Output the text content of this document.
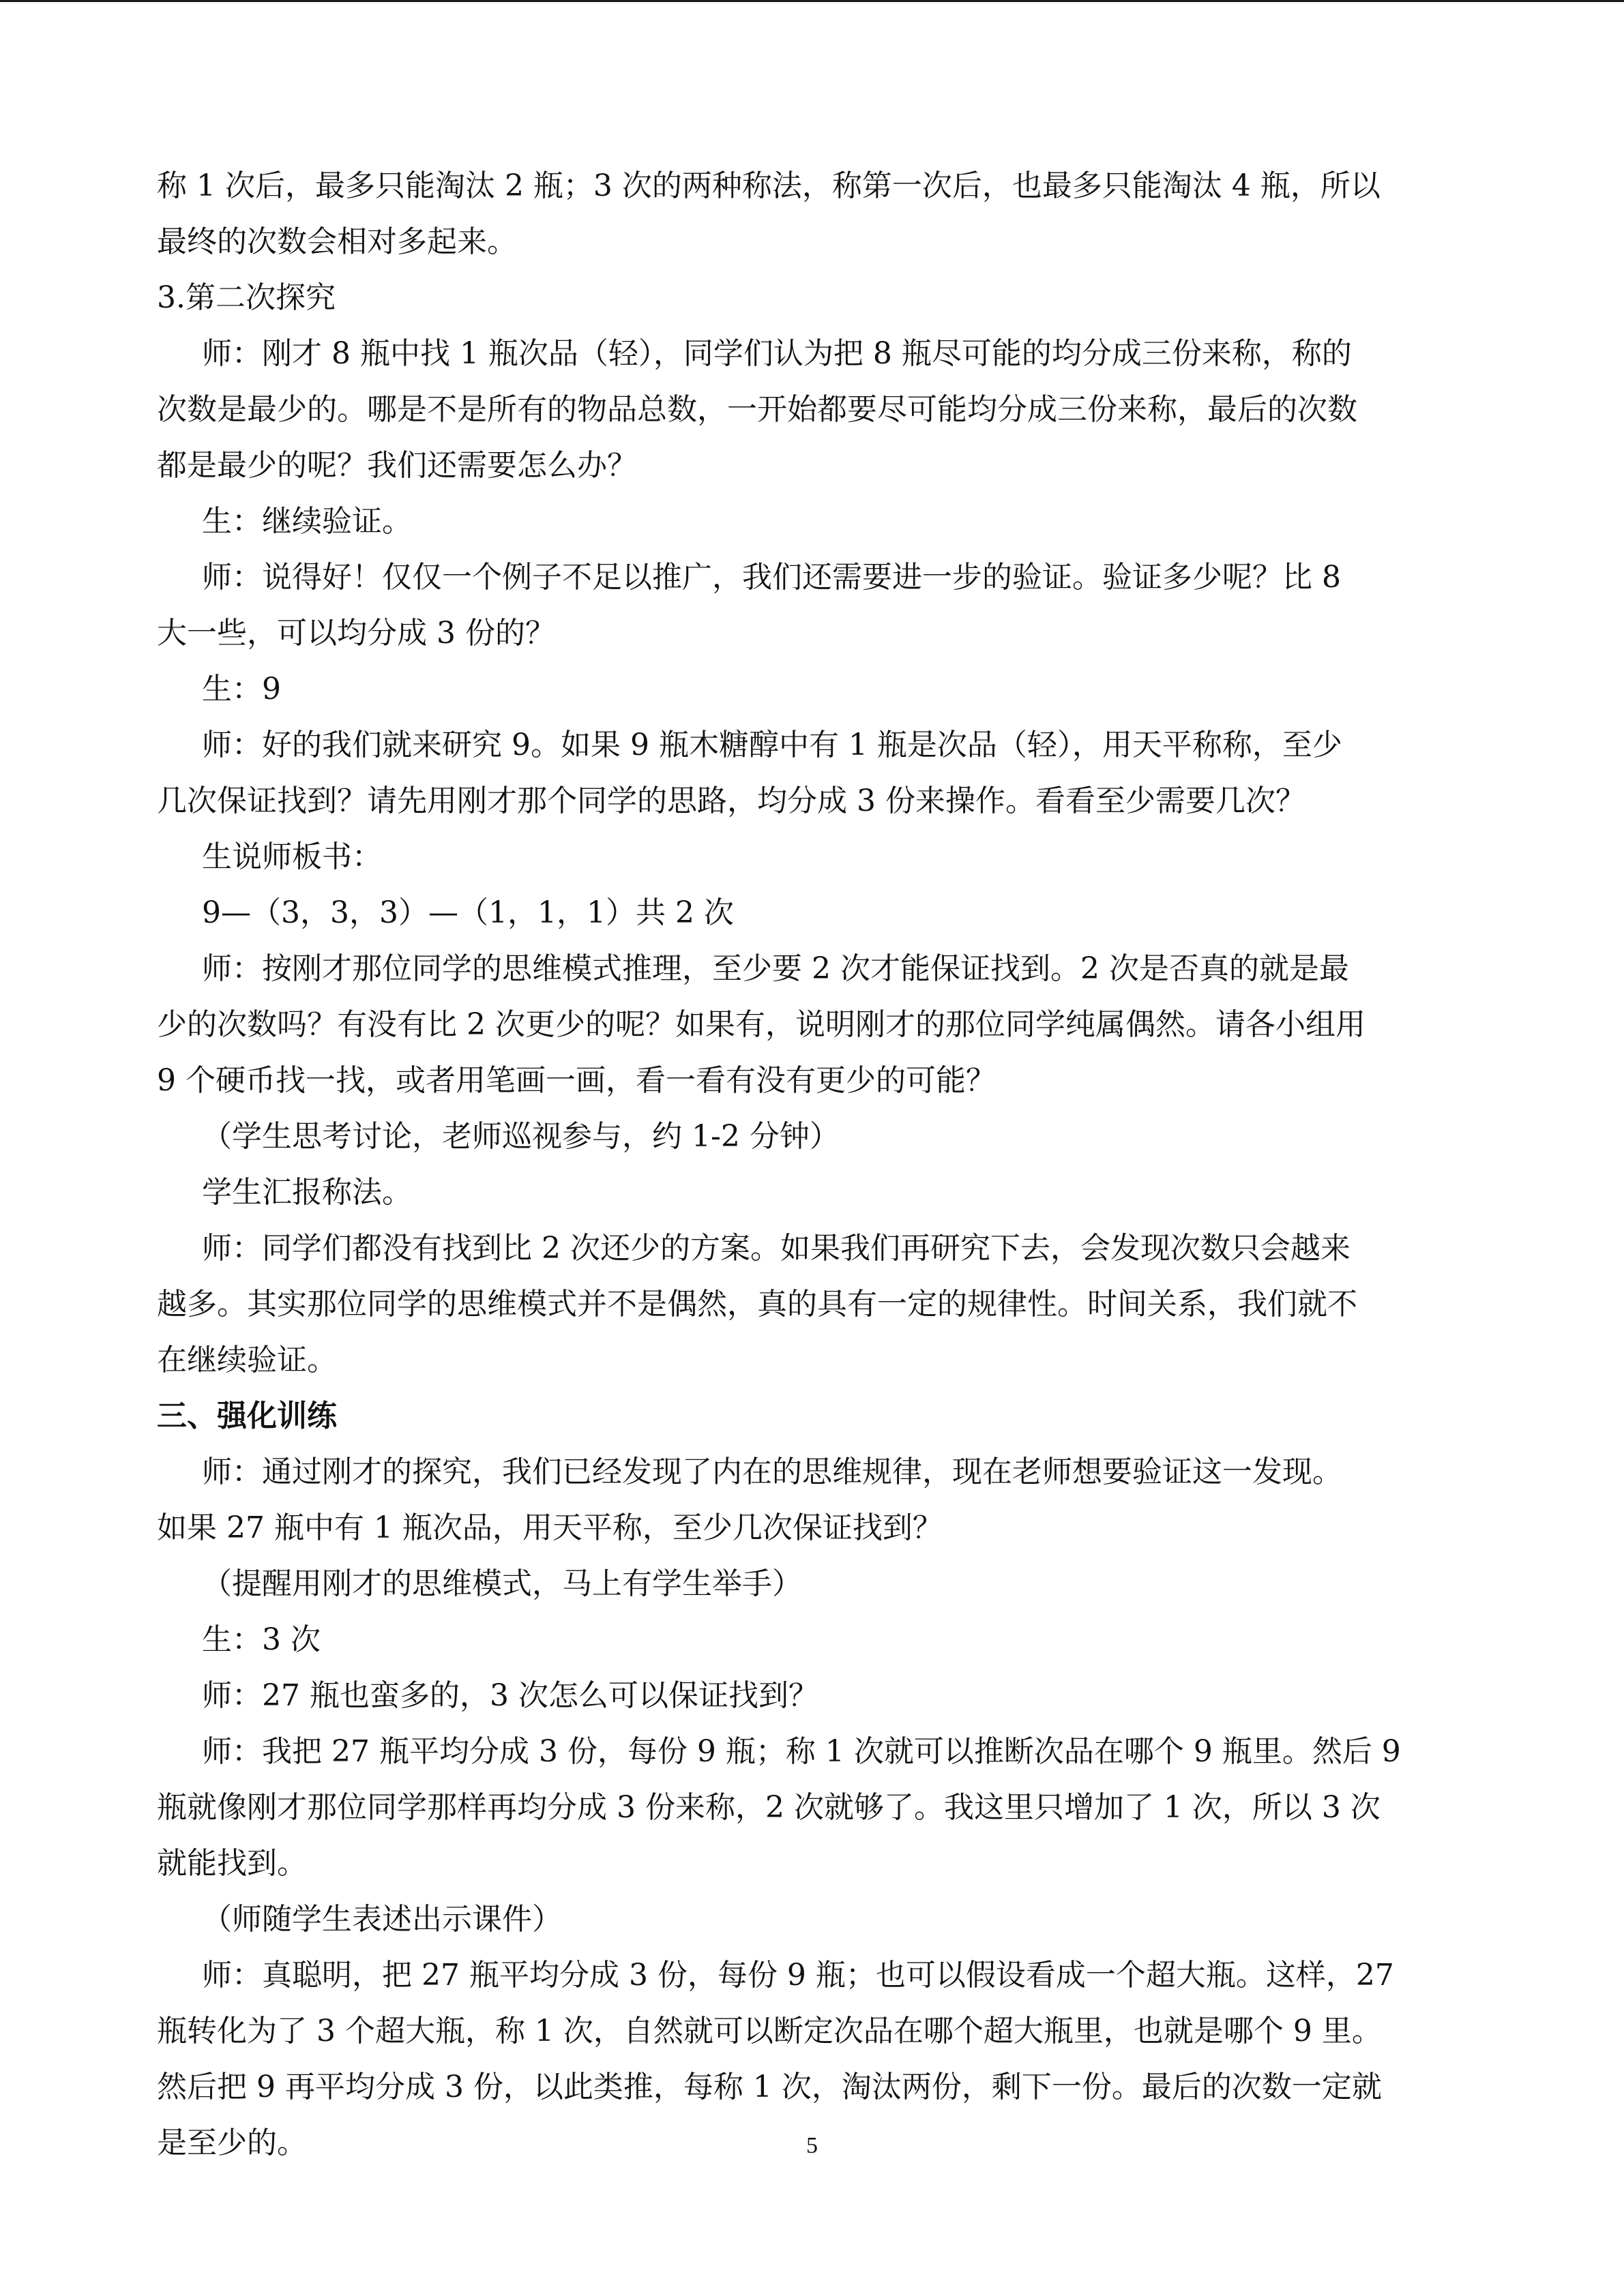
称 1 次后，最多只能淘汰 2 瓶；3 次的两种称法，称第一次后，也最多只能淘汰 4 瓶，所以
最终的次数会相对多起来。
3.第二次探究
师：刚才 8 瓶中找 1 瓶次品（轻），同学们认为把 8 瓶尽可能的均分成三份来称，称的
次数是最少的。哪是不是所有的物品总数，一开始都要尽可能均分成三份来称，最后的次数
都是最少的呢？我们还需要怎么办？
生：继续验证。
师：说得好！仅仅一个例子不足以推广，我们还需要进一步的验证。验证多少呢？比 8
大一些，可以均分成 3 份的？
生：9
师：好的我们就来研究 9。如果 9 瓶木糖醇中有 1 瓶是次品（轻），用天平称称，至少
几次保证找到？请先用刚才那个同学的思路，均分成 3 份来操作。看看至少需要几次？
生说师板书：
9—（3，3，3）—（1，1，1）共 2 次
师：按刚才那位同学的思维模式推理，至少要 2 次才能保证找到。2 次是否真的就是最
少的次数吗？有没有比 2 次更少的呢？如果有，说明刚才的那位同学纯属偶然。请各小组用
9 个硬币找一找，或者用笔画一画，看一看有没有更少的可能？
（学生思考讨论，老师巡视参与，约 1-2 分钟）
学生汇报称法。
师：同学们都没有找到比 2 次还少的方案。如果我们再研究下去，会发现次数只会越来
越多。其实那位同学的思维模式并不是偶然，真的具有一定的规律性。时间关系，我们就不
在继续验证。
三、强化训练
师：通过刚才的探究，我们已经发现了内在的思维规律，现在老师想要验证这一发现。
如果 27 瓶中有 1 瓶次品，用天平称，至少几次保证找到？
（提醒用刚才的思维模式，马上有学生举手）
生：3 次
师：27 瓶也蛮多的，3 次怎么可以保证找到？
师：我把 27 瓶平均分成 3 份，每份 9 瓶；称 1 次就可以推断次品在哪个 9 瓶里。然后 9
瓶就像刚才那位同学那样再均分成 3 份来称，2 次就够了。我这里只增加了 1 次，所以 3 次
就能找到。
（师随学生表述出示课件）
师：真聪明，把 27 瓶平均分成 3 份，每份 9 瓶；也可以假设看成一个超大瓶。这样，27
瓶转化为了 3 个超大瓶，称 1 次，自然就可以断定次品在哪个超大瓶里，也就是哪个 9 里。
然后把 9 再平均分成 3 份，以此类推，每称 1 次，淘汰两份，剩下一份。最后的次数一定就
是至少的。	5
